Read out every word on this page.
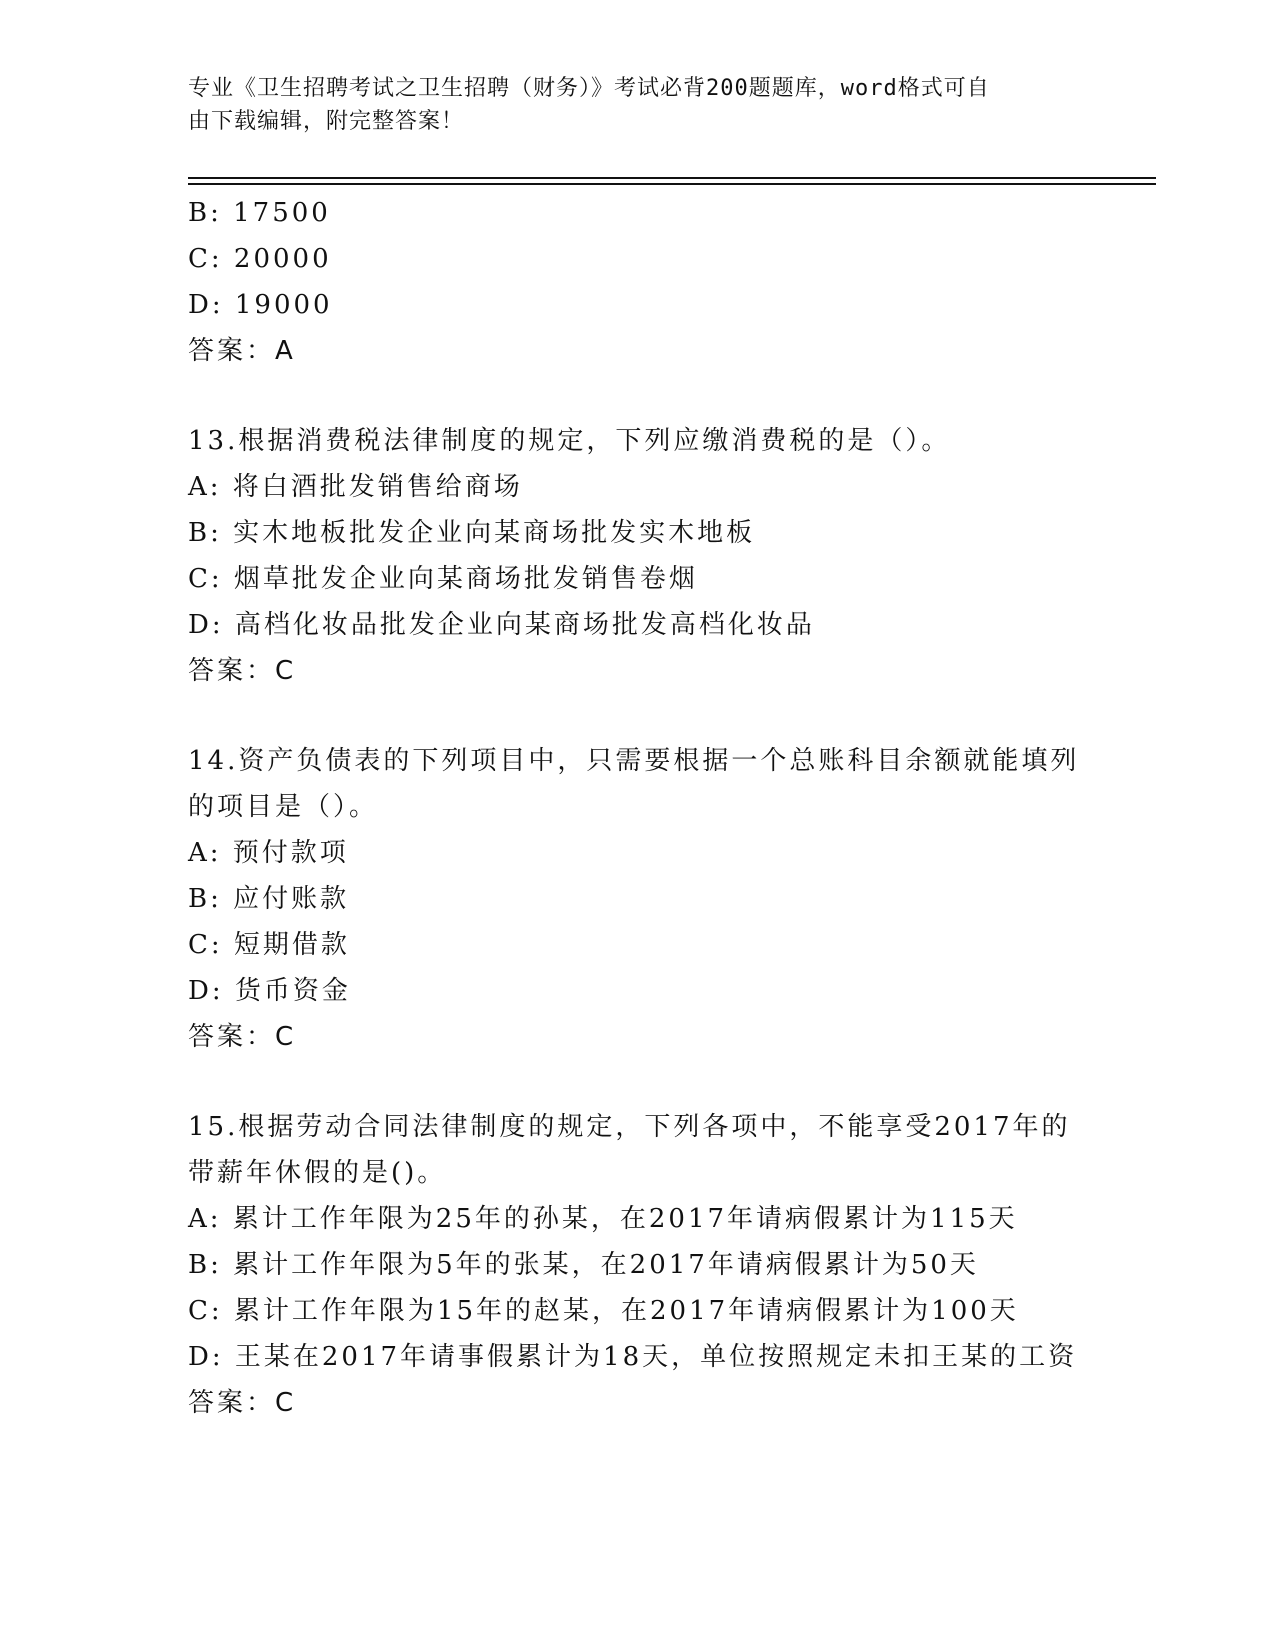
专业《卫生招聘考试之卫生招聘（财务）》考试必背200题题库，word格式可自
由下载编辑，附完整答案！
B: 17500
C: 20000
D: 19000
答案：A
13.根据消费税法律制度的规定，下列应缴消费税的是（）。
A: 将白酒批发销售给商场
B: 实木地板批发企业向某商场批发实木地板
C: 烟草批发企业向某商场批发销售卷烟
D: 高档化妆品批发企业向某商场批发高档化妆品
答案：C
14.资产负债表的下列项目中，只需要根据一个总账科目余额就能填列
的项目是（）。
A: 预付款项
B: 应付账款
C: 短期借款
D: 货币资金
答案：C
15.根据劳动合同法律制度的规定，下列各项中，不能享受2017年的
带薪年休假的是()。
A: 累计工作年限为25年的孙某，在2017年请病假累计为115天
B: 累计工作年限为5年的张某，在2017年请病假累计为50天
C: 累计工作年限为15年的赵某，在2017年请病假累计为100天
D: 王某在2017年请事假累计为18天，单位按照规定未扣王某的工资
答案：C
